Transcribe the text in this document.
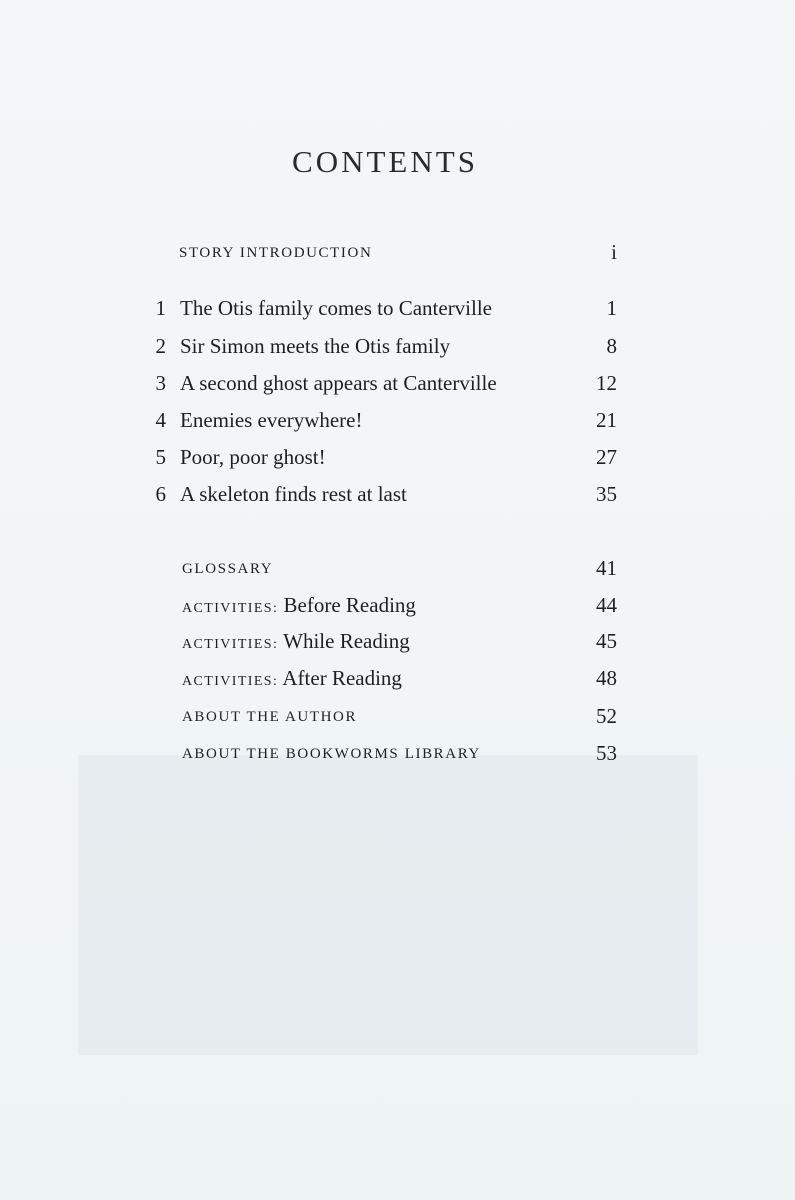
CONTENTS
STORY INTRODUCTION	i
1 The Otis family comes to Canterville	1
2 Sir Simon meets the Otis family	8
3 A second ghost appears at Canterville	12
4 Enemies everywhere!	21
5 Poor, poor ghost!	27
6 A skeleton finds rest at last	35
GLOSSARY	41
ACTIVITIES: Before Reading	44
ACTIVITIES: While Reading	45
ACTIVITIES: After Reading	48
ABOUT THE AUTHOR	52
ABOUT THE BOOKWORMS LIBRARY	53
